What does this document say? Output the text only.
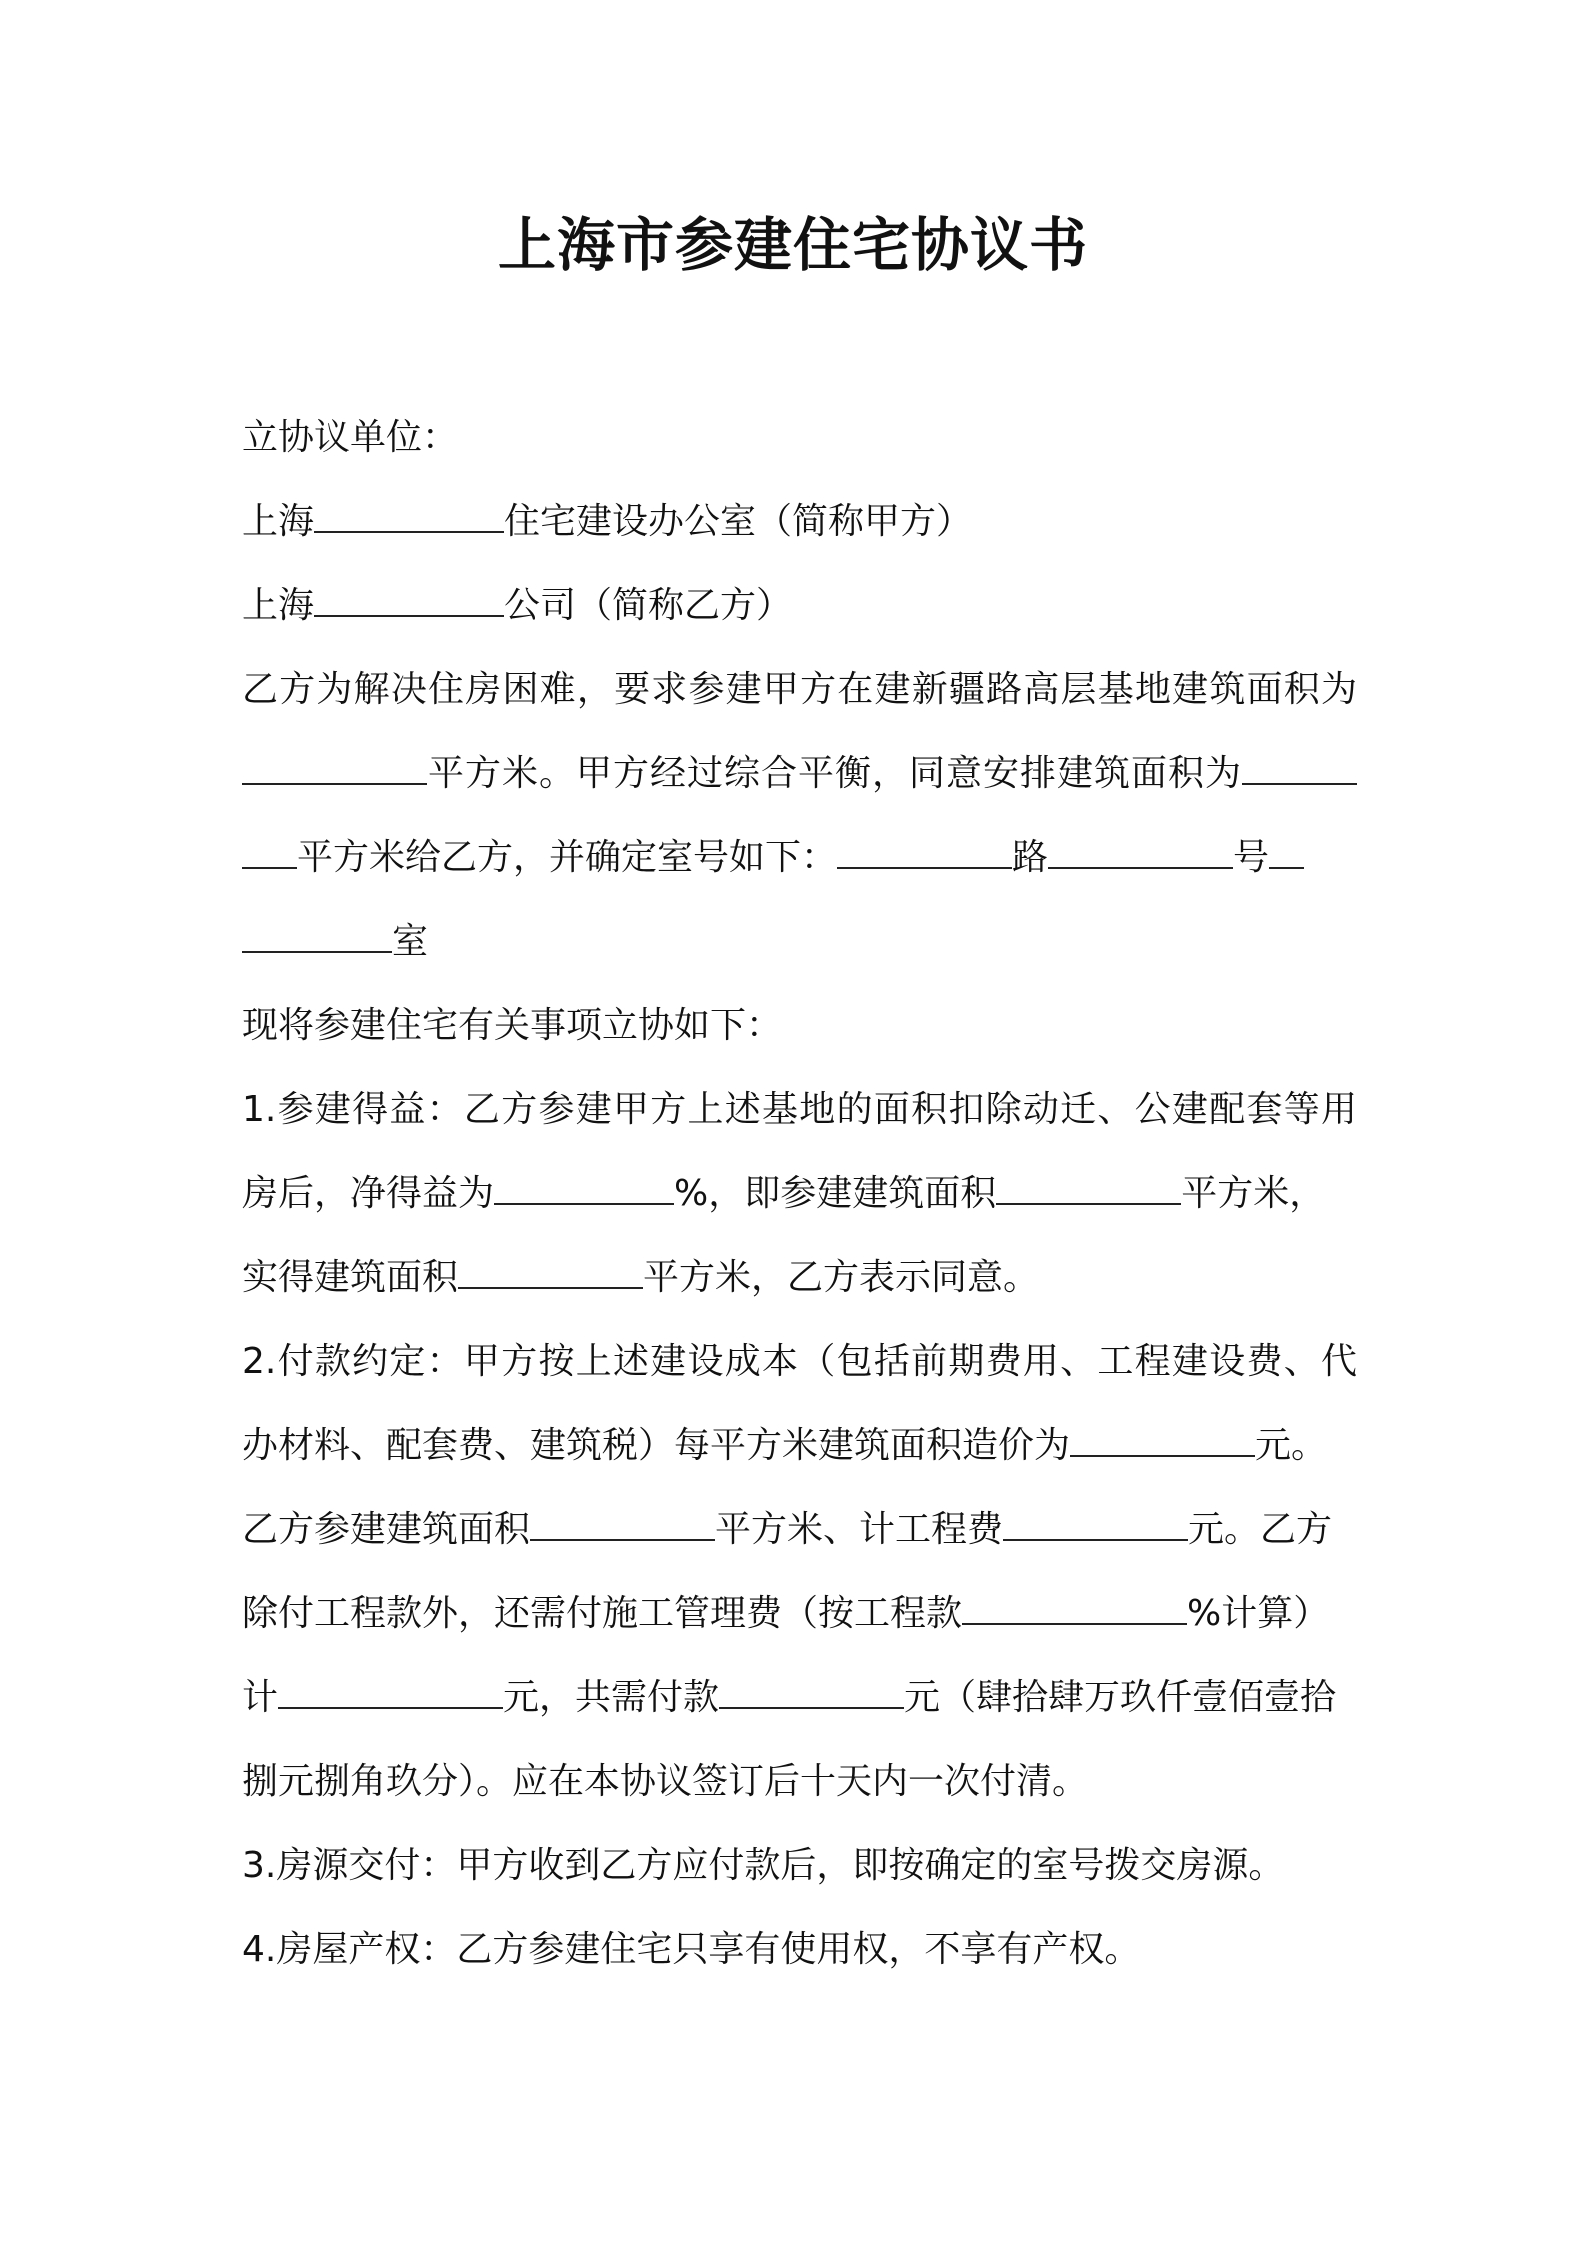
上海市参建住宅协议书
立协议单位：
上海	住宅建设办公室（简称甲方）
上海	公司（简称乙方）
乙方为解决住房困难，要求参建甲方在建新疆路高层基地建筑面积为
平方米。甲方经过综合平衡，同意安排建筑面积为
平方米给乙方，并确定室号如下：	路	号
室
现将参建住宅有关事项立协如下：
1.参建得益：乙方参建甲方上述基地的面积扣除动迁、公建配套等用
房后，净得益为	%，即参建建筑面积	平方米，
实得建筑面积	平方米，乙方表示同意。
2.付款约定：甲方按上述建设成本（包括前期费用、工程建设费、代
办材料、配套费、建筑税）每平方米建筑面积造价为	元。
乙方参建建筑面积	平方米、计工程费	元。乙方
除付工程款外，还需付施工管理费（按工程款	%计算）
计	元，共需付款	元（肆拾肆万玖仟壹佰壹拾
捌元捌角玖分）。应在本协议签订后十天内一次付清。
3.房源交付：甲方收到乙方应付款后，即按确定的室号拨交房源。
4.房屋产权：乙方参建住宅只享有使用权，不享有产权。
